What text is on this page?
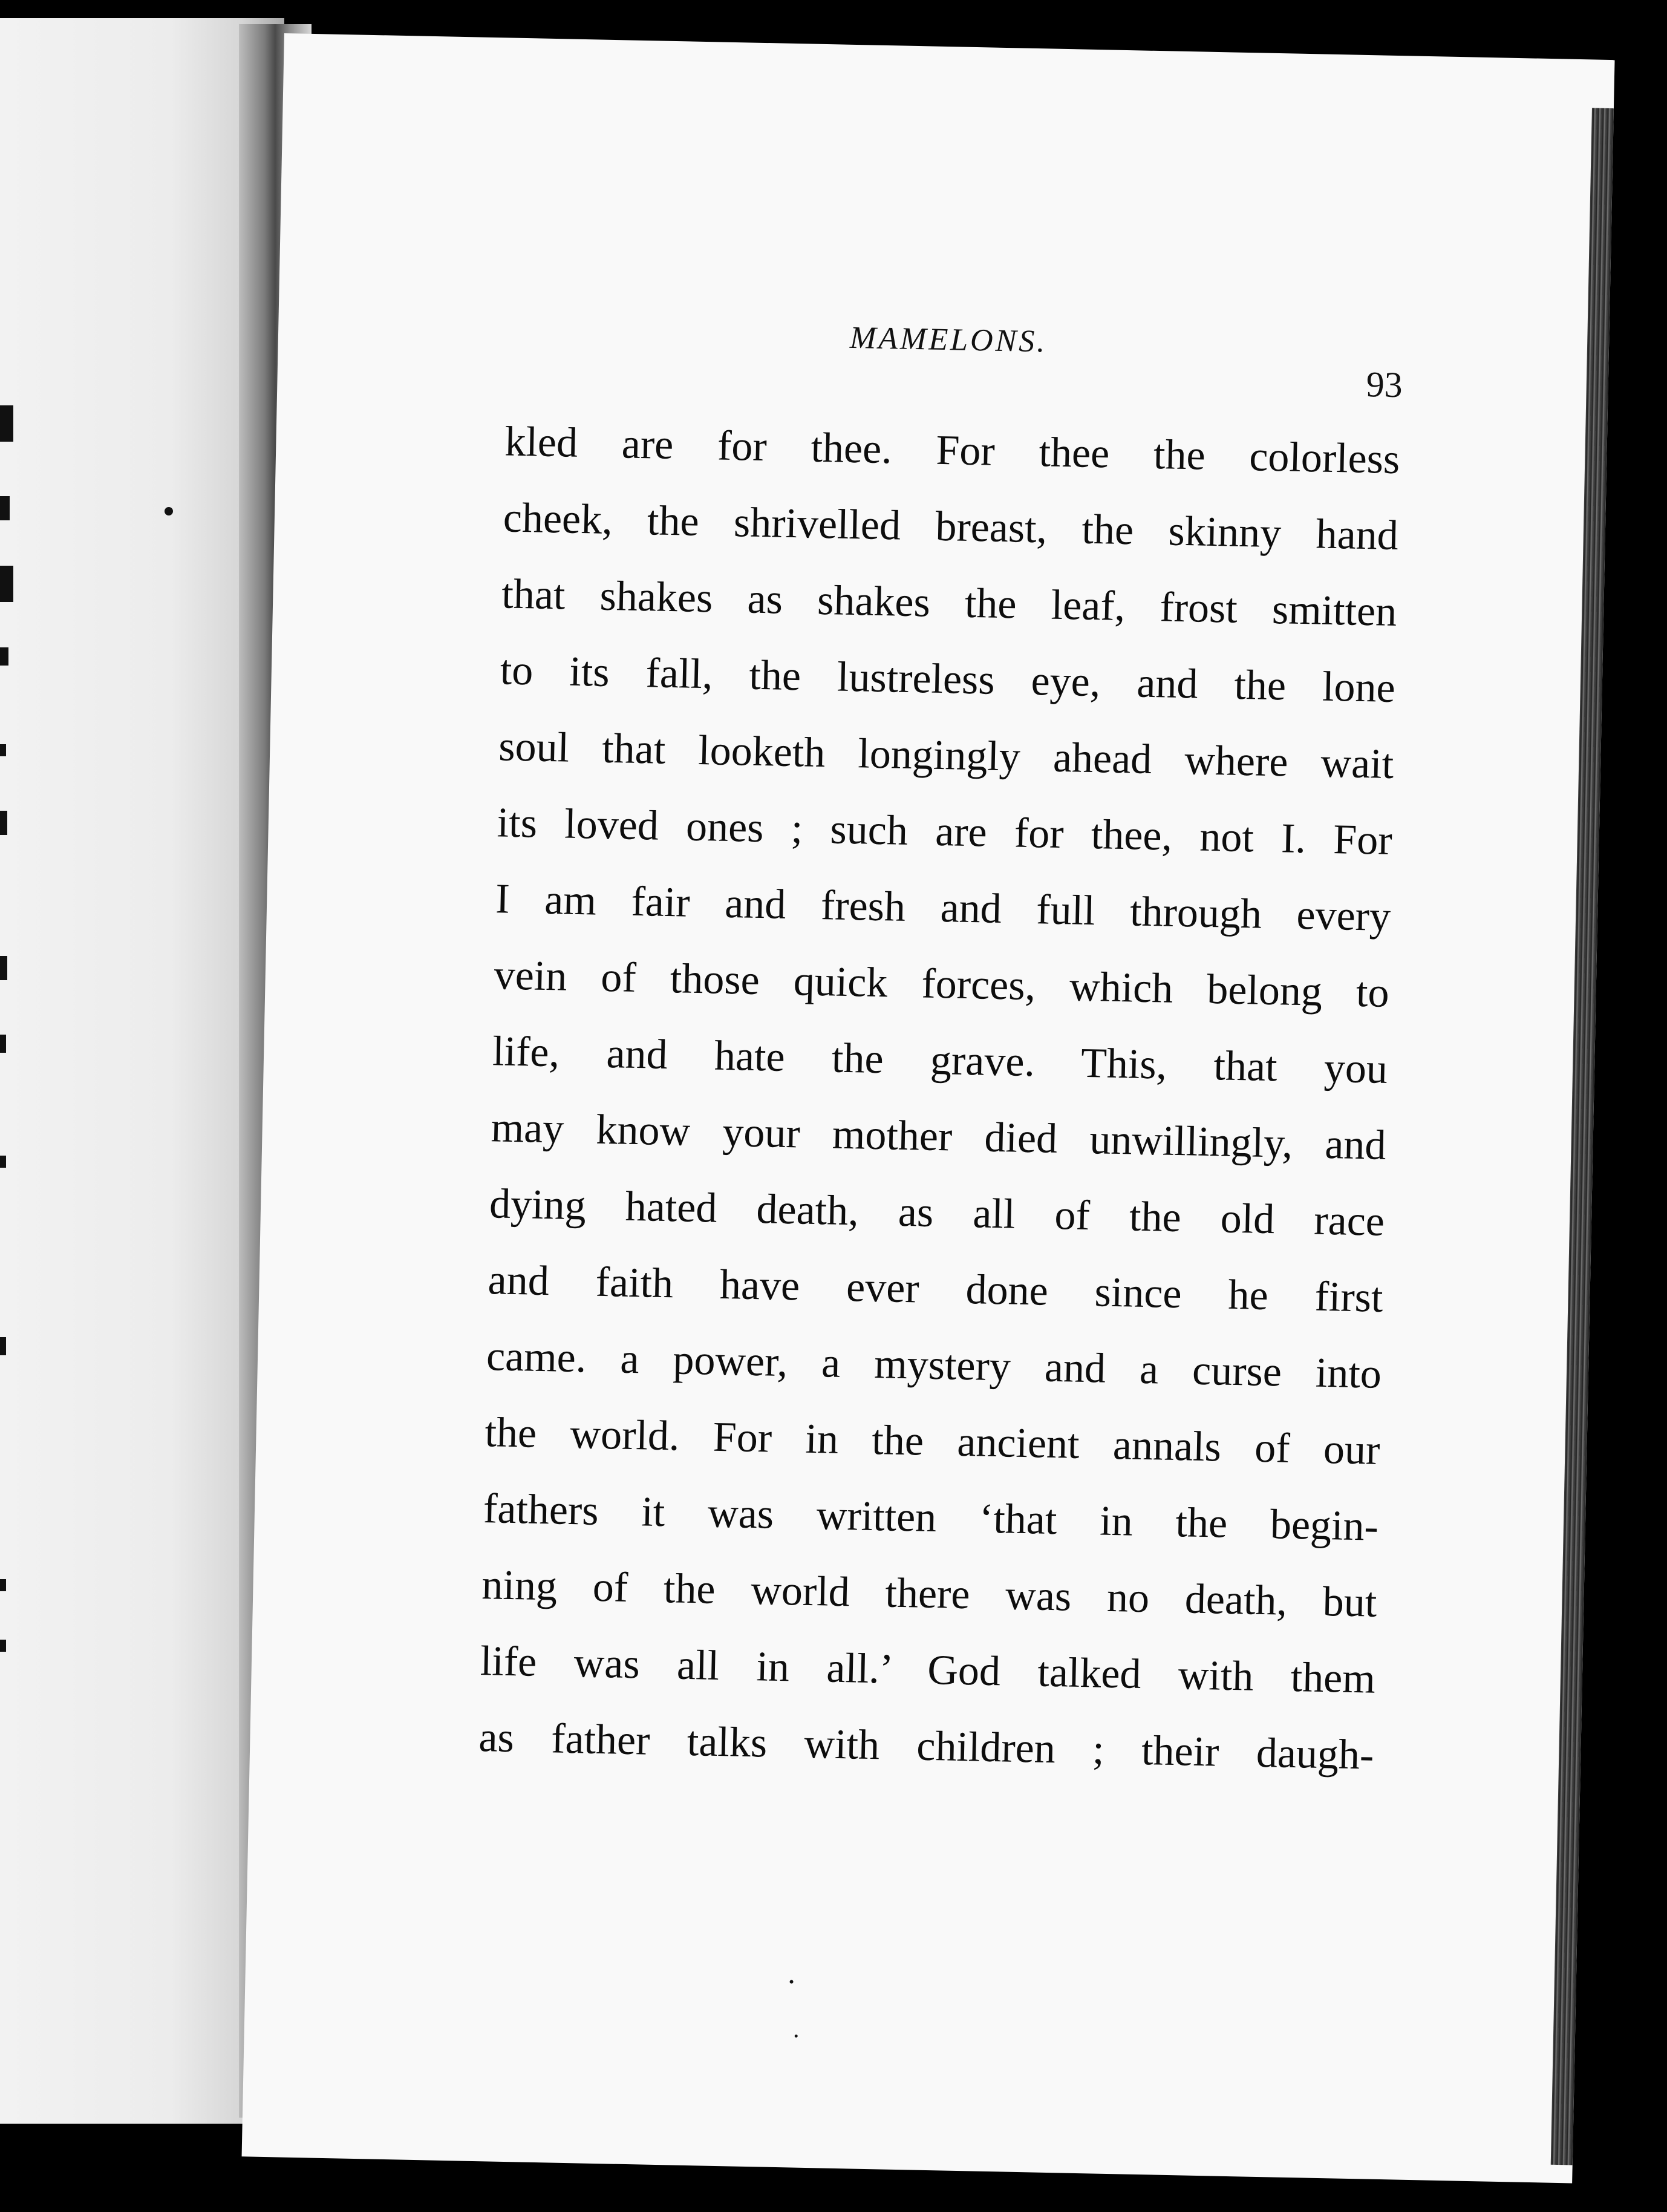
MAMELONS.
93
kled are for thee. For thee the colorless
cheek, the shrivelled breast, the skinny hand
that shakes as shakes the leaf, frost smitten
to its fall, the lustreless eye, and the lone
soul that looketh longingly ahead where wait
its loved ones ; such are for thee, not I. For
I am fair and fresh and full through every
vein of those quick forces, which belong to
life, and hate the grave. This, that you
may know your mother died unwillingly, and
dying hated death, as all of the old race
and faith have ever done since he first
came. a power, a mystery and a curse into
the world. For in the ancient annals of our
fathers it was written ‘that in the begin-
ning of the world there was no death, but
life was all in all.’ God talked with them
as father talks with children ; their daugh-
